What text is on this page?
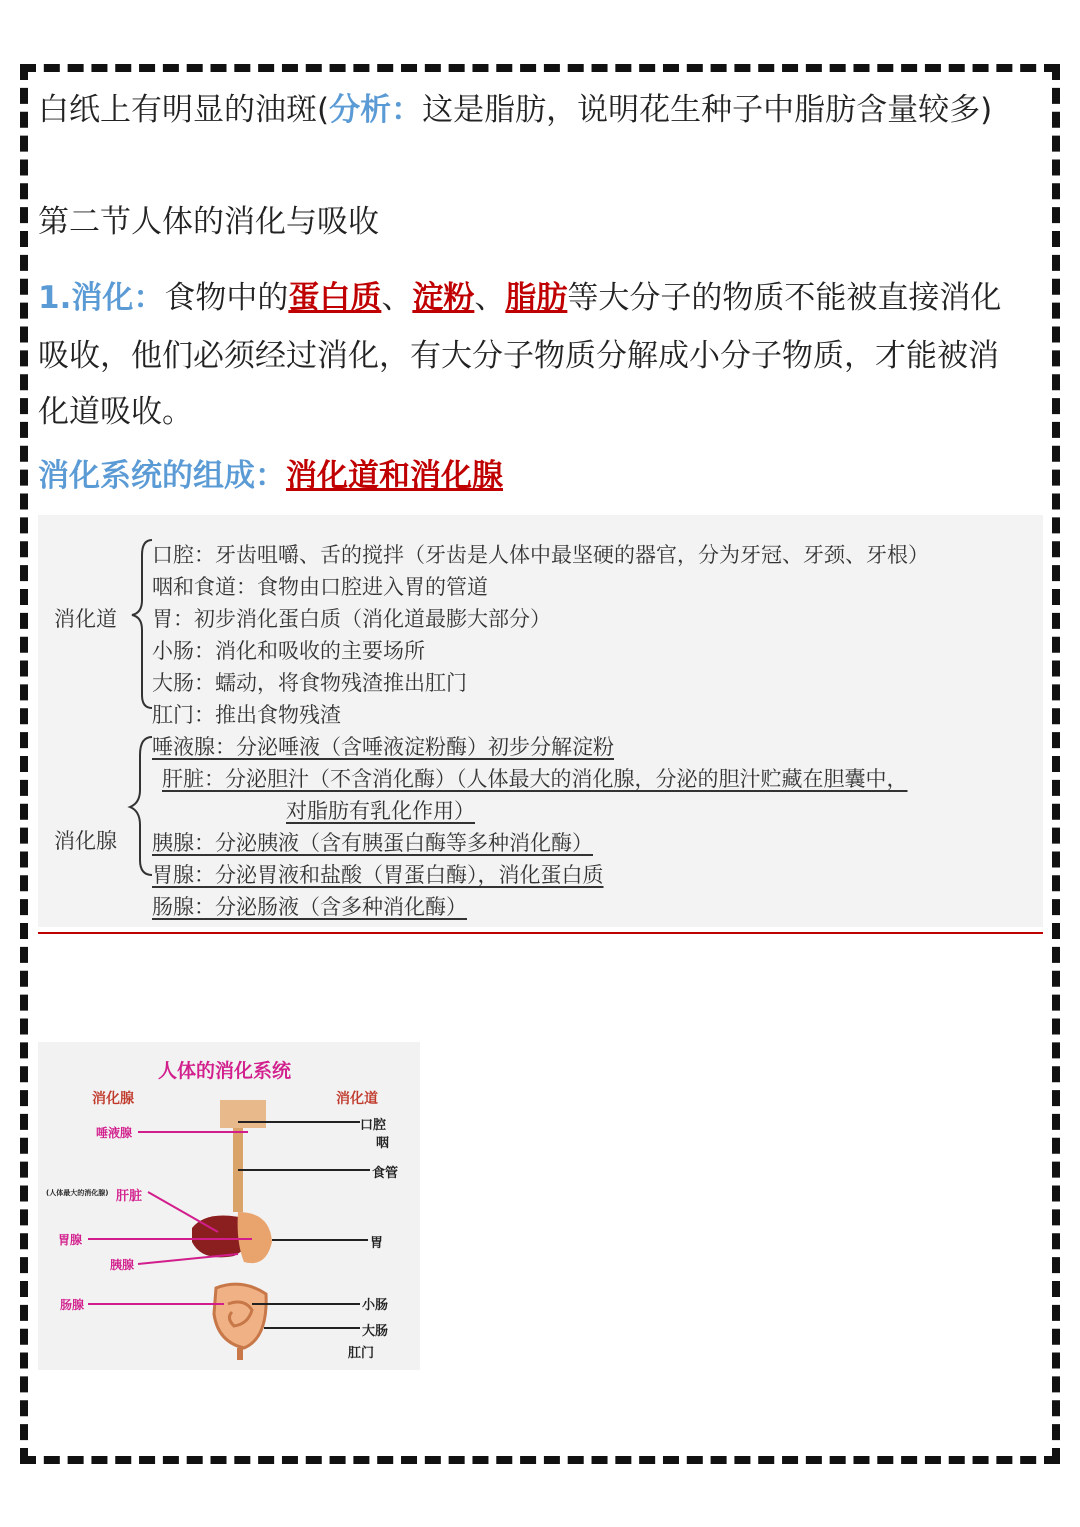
白纸上有明显的油斑(分析：这是脂肪，说明花生种子中脂肪含量较多)
第二节人体的消化与吸收
1.消化：食物中的蛋白质、淀粉、脂肪等大分子的物质不能被直接消化
吸收，他们必须经过消化，有大分子物质分解成小分子物质，才能被消
化道吸收。
消化系统的组成：消化道和消化腺
消化道
口腔：牙齿咀嚼、舌的搅拌（牙齿是人体中最坚硬的器官，分为牙冠、牙颈、牙根）
咽和食道：食物由口腔进入胃的管道
胃：初步消化蛋白质（消化道最膨大部分）
小肠：消化和吸收的主要场所
大肠：蠕动，将食物残渣推出肛门
肛门：推出食物残渣
消化腺
唾液腺：分泌唾液（含唾液淀粉酶）初步分解淀粉
肝脏：分泌胆汁（不含消化酶）（人体最大的消化腺，分泌的胆汁贮藏在胆囊中，
对脂肪有乳化作用）
胰腺：分泌胰液（含有胰蛋白酶等多种消化酶）
胃腺：分泌胃液和盐酸（胃蛋白酶），消化蛋白质
肠腺：分泌肠液（含多种消化酶）
人体的消化系统
消化腺	消化道
唾液腺
(人体最大的消化腺) 肝脏
胃腺
胰腺
肠腺
口腔
咽
食管
胃
小肠
大肠
肛门
